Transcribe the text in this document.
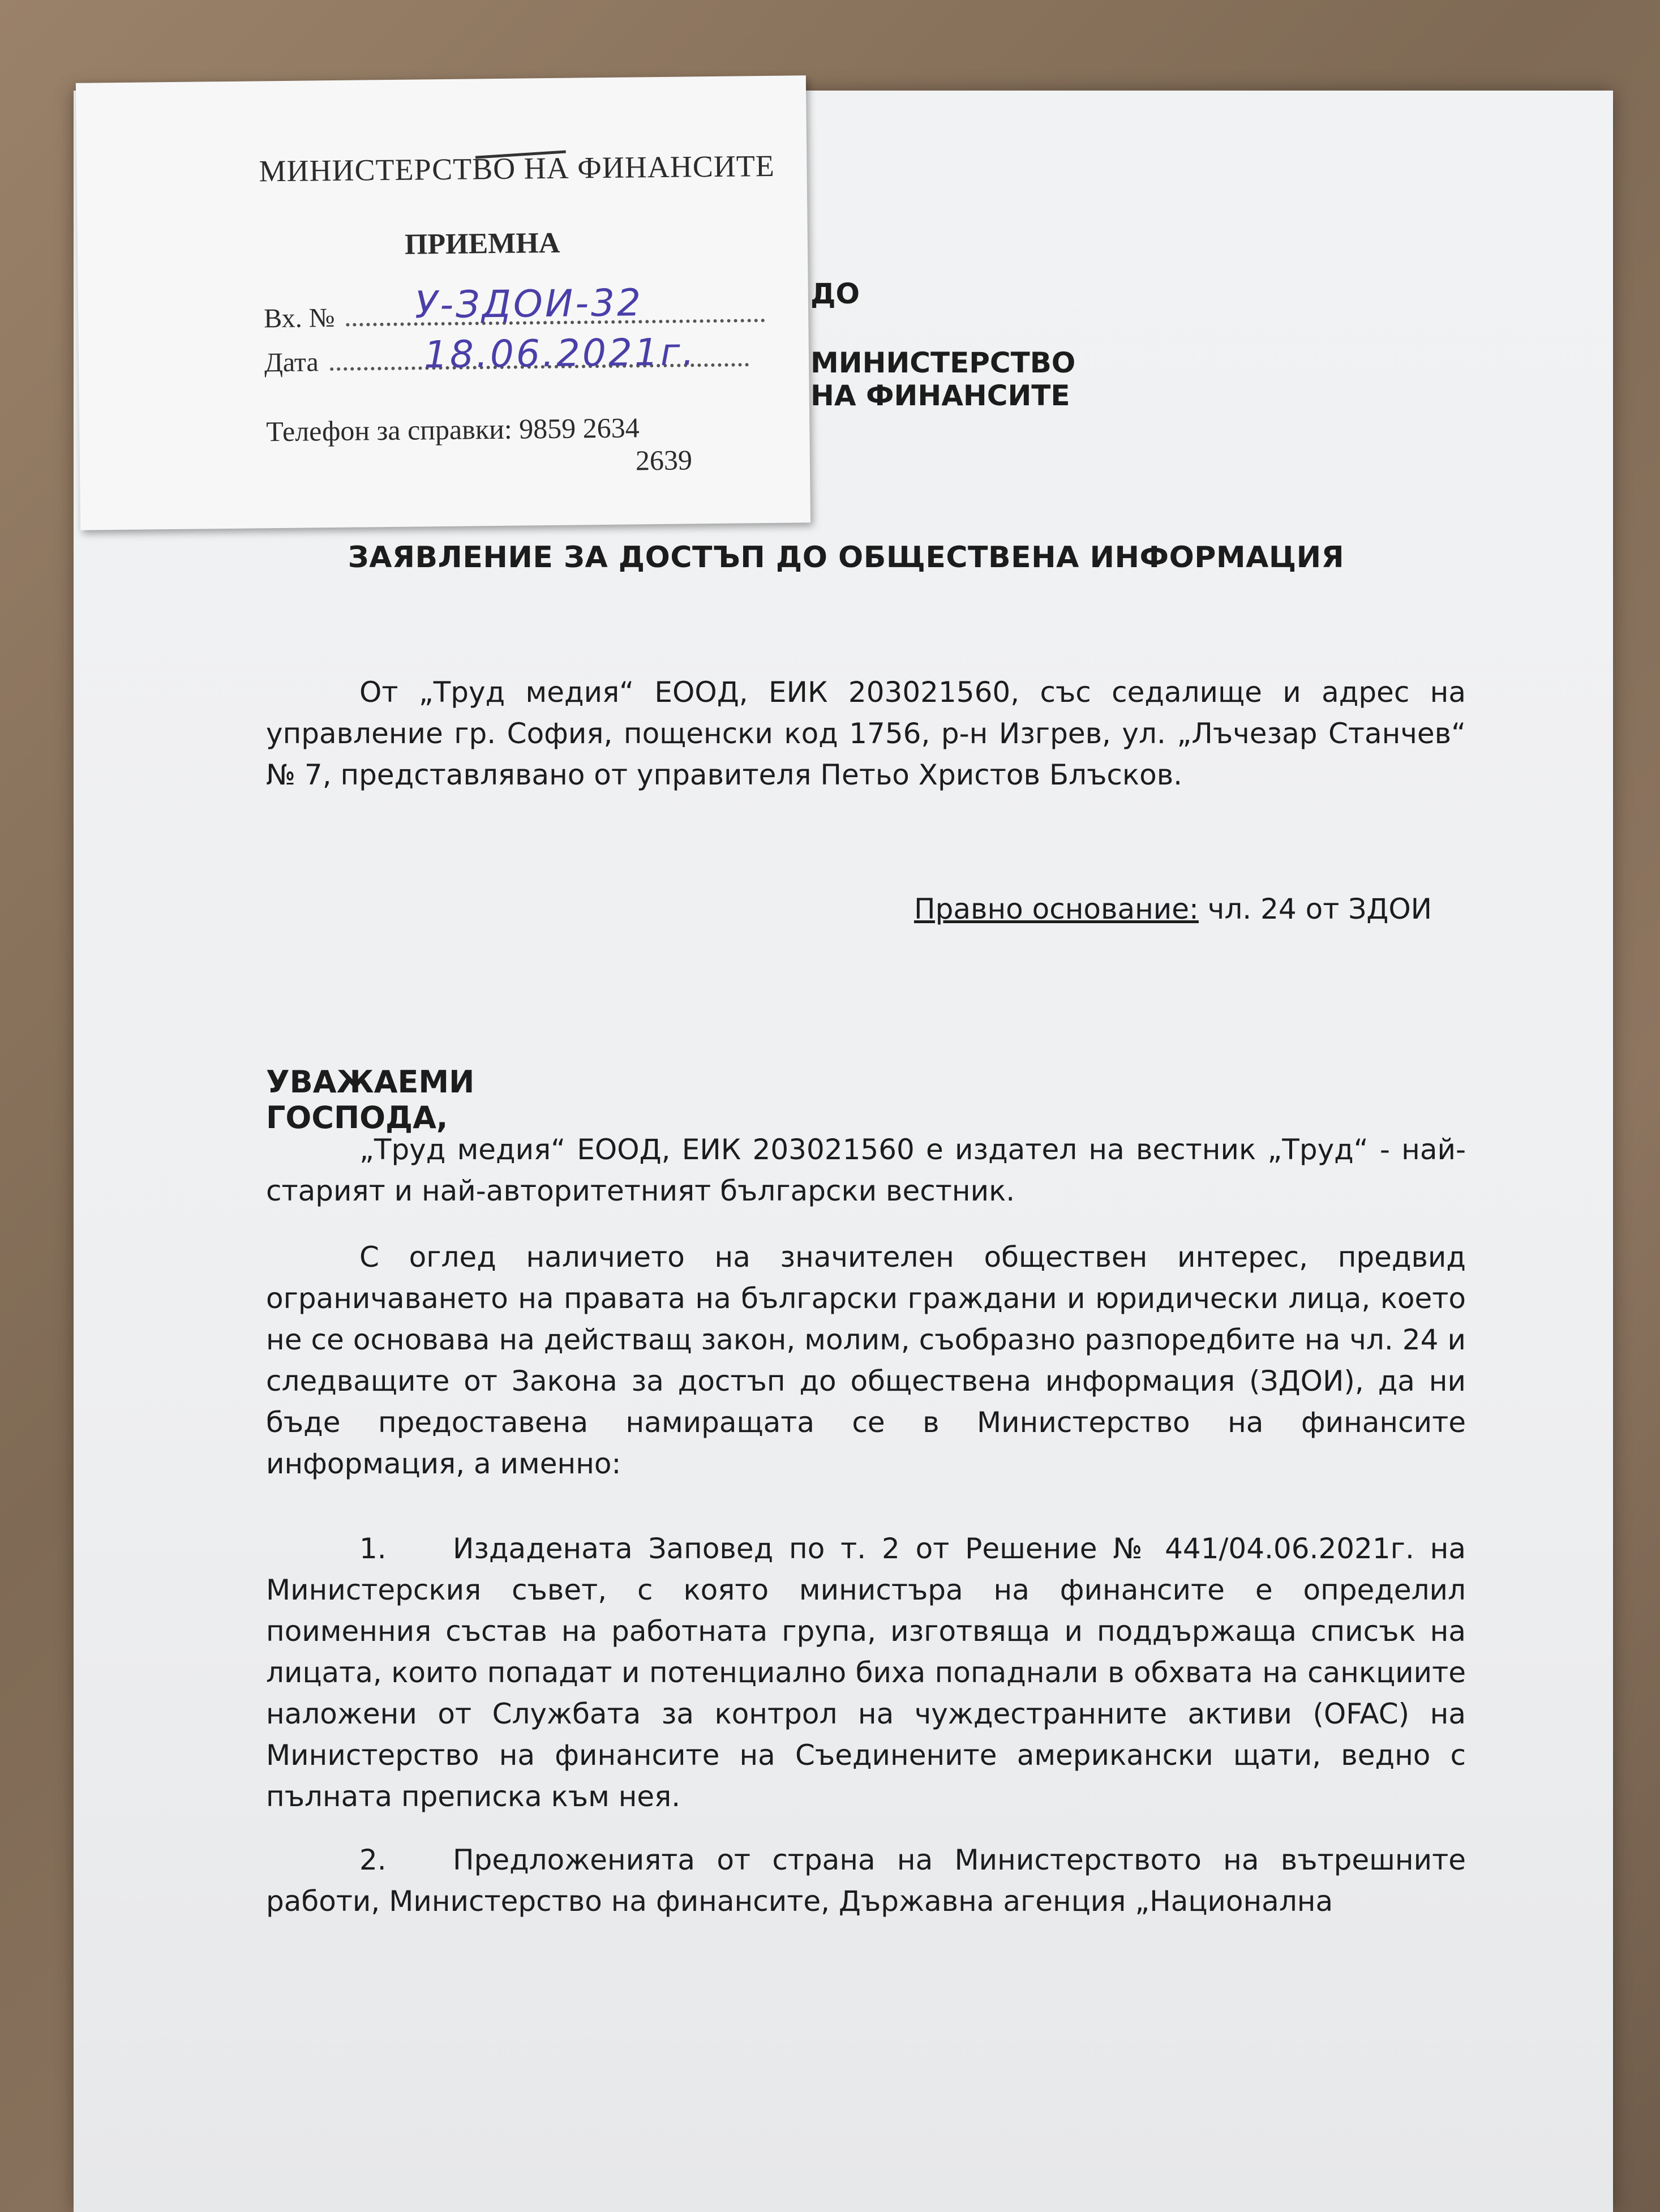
МИНИСТЕРСТВО НА ФИНАНСИТЕ
ПРИЕМНА
Вх. №	У-ЗДОИ-32
Дата	18.06.2021г.
Телефон за справки: 9859 2634
2639
ДО
МИНИСТЕРСТВО НА ФИНАНСИТЕ
ЗАЯВЛЕНИЕ ЗА ДОСТЪП ДО ОБЩЕСТВЕНА ИНФОРМАЦИЯ
От „Труд медия“ ЕООД, ЕИК 203021560, със седалище и адрес на управление гр. София, пощенски код 1756, р-н Изгрев, ул. „Лъчезар Станчев“ № 7, представлявано от управителя Петьо Христов Блъсков.
Правно основание: чл. 24 от ЗДОИ
УВАЖАЕМИ ГОСПОДА,
„Труд медия“ ЕООД, ЕИК 203021560 е издател на вестник „Труд“ - най-старият и най-авторитетният български вестник.
С оглед наличието на значителен обществен интерес, предвид ограничаването на правата на български граждани и юридически лица, което не се основава на действащ закон, молим, съобразно разпоредбите на чл. 24 и следващите от Закона за достъп до обществена информация (ЗДОИ), да ни бъде предоставена намиращата се в Министерство на финансите информация, а именно:
1. Издадената Заповед по т. 2 от Решение № 441/04.06.2021г. на Министерския съвет, с която министъра на финансите е определил поименния състав на работната група, изготвяща и поддържаща списък на лицата, които попадат и потенциално биха попаднали в обхвата на санкциите наложени от Службата за контрол на чуждестранните активи (OFAC) на Министерство на финансите на Съединените американски щати, ведно с пълната преписка към нея.
2. Предложенията от страна на Министерството на вътрешните работи, Министерство на финансите, Държавна агенция „Национална
